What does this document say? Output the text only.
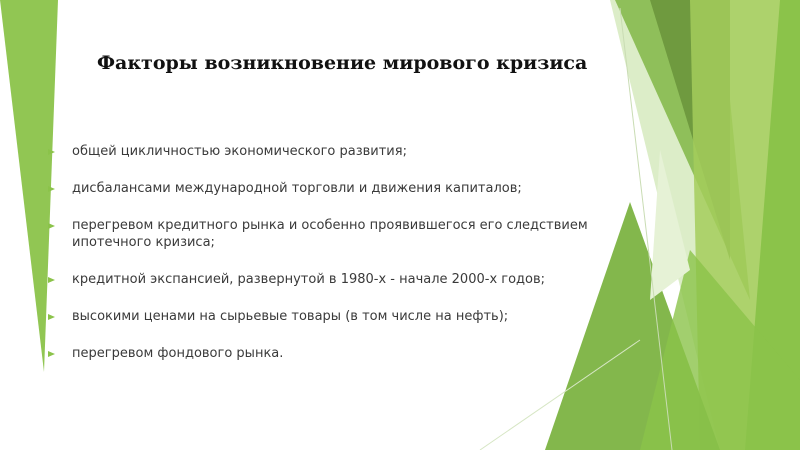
Факторы возникновение мирового кризиса
общей цикличностью экономического развития;
дисбалансами международной торговли и движения капиталов;
перегревом кредитного рынка и особенно проявившегося его следствием ипотечного кризиса;
кредитной экспансией, развернутой в 1980-х - начале 2000-х годов;
высокими ценами на сырьевые товары (в том числе на нефть);
перегревом фондового рынка.
